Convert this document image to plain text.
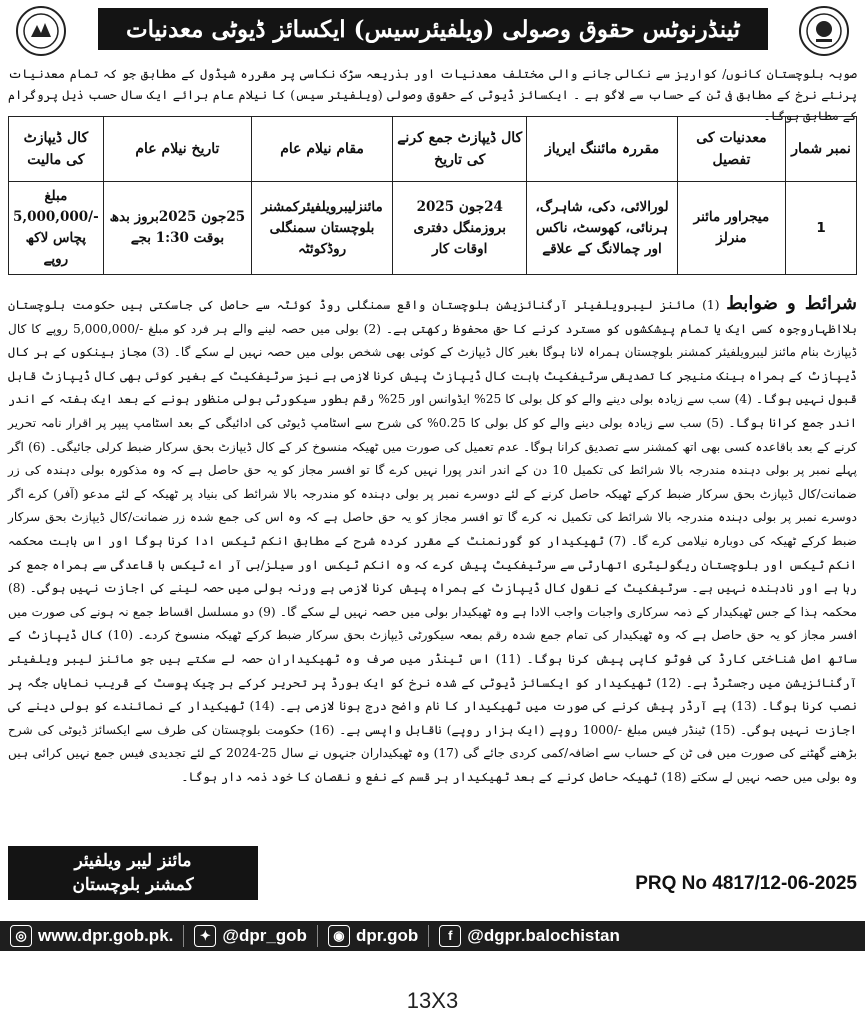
ٹینڈرنوٹس حقوق وصولی (ویلفیئرسیس) ایکسائز ڈیوٹی معدنیات
صوبہ بلوچستان کانوں/ کواریز سے نکالی جانے والی مختلف معدنیات اور بذریعہ سڑک نکاسی پر مقررہ شیڈول کے مطابق جو کہ تمام معدنیات پرنئے نرخ کے مطابق فی ٹن کے حساب سے لاگو ہے ۔ ایکسائز ڈیوٹی کے حقوق وصولی (ویلفیئر سیس) کا نیلام عام برائے ایک سال حسب ذیل پروگرام کے مطابق ہوگا۔
نمبر شمار	معدنیات کی تفصیل	مقررہ مائننگ ایریاز	کال ڈیپازٹ جمع کرنے کی تاریخ	مقام نیلام عام	تاریخ نیلام عام	کال ڈیپازٹ کی مالیت
1	میجراور مائنر منرلز	لورالائی، دکی، شاہرگ، ہرنائی، کھوسٹ، ناکس اور چمالانگ کے علاقے	24جون 2025 بروزمنگل دفتری اوقات کار	مائنزلیبرویلفیئرکمشنر بلوچستان سمنگلی روڈکوئٹہ	25جون 2025بروز بدھ بوقت 1:30 بجے	مبلغ -/5,000,000 پچاس لاکھ روپے
شرائط و ضوابط (1) مائنز لیبرویلفیئر آرگنائزیشن بلوچستان واقع سمنگلی روڈ کوئٹہ سے حاصل کی جاسکتی ہیں حکومت بلوچستان بلااظہاروجوہ کسی ایک یا تمام پیشکشوں کو مسترد کرنے کا حق محفوظ رکھتی ہے۔ (2) بولی میں حصہ لینے والے ہر فرد کو مبلغ -/5,000,000 روپے کا کال ڈیپازٹ بنام مائنز لیبرویلفیئر کمشنر بلوچستان ہمراہ لانا ہوگا بغیر کال ڈیپازٹ کے کوئی بھی شخص بولی میں حصہ نہیں لے سکے گا۔ (3) مجاز بینکوں کے ہر کال ڈیپازٹ کے ہمراہ بینک منیجر کا تصدیقی سرٹیفکیٹ بابت کال ڈیپازٹ پیش کرنا لازمی ہے نیز سرٹیفکیٹ کے بغیر کوئی بھی کال ڈیپازٹ قابل قبول نہیں ہوگا۔ (4) سب سے زیادہ بولی دینے والے کو کل بولی کا 25% ایڈوانس اور 25% رقم بطور سیکورٹی بولی منظور ہونے کے بعد ایک ہفتہ کے اندر اندر جمع کرانا ہوگا۔ (5) سب سے زیادہ بولی دینے والے کو کل بولی کا 0.25% کی شرح سے اسٹامپ ڈیوٹی کی ادائیگی کے بعد اسٹامپ پیپر پر اقرار نامہ تحریر کرنے کے بعد باقاعدہ کسی بھی اتھ کمشنر سے تصدیق کرانا ہوگا۔ عدم تعمیل کی صورت میں ٹھیکہ منسوخ کر کے کال ڈیپازٹ بحق سرکار ضبط کرلی جائیگی۔ (6) اگر پہلے نمبر پر بولی دہندہ مندرجہ بالا شرائط کی تکمیل 10 دن کے اندر اندر پورا نہیں کرے گا تو افسر مجاز کو یہ حق حاصل ہے کہ وہ مذکورہ بولی دہندہ کی زر ضمانت/کال ڈیپازٹ بحق سرکار ضبط کرکے ٹھیکہ حاصل کرنے کے لئے دوسرے نمبر پر بولی دہندہ کو مندرجہ بالا شرائط کی بنیاد پر ٹھیکہ کے لئے مدعو (آفر) کرے اگر دوسرے نمبر پر بولی دہندہ مندرجہ بالا شرائط کی تکمیل نہ کرے گا تو افسر مجاز کو یہ حق حاصل ہے کہ وہ اس کی جمع شدہ زر ضمانت/کال ڈیپازٹ بحق سرکار ضبط کرکے ٹھیکہ کی دوبارہ نیلامی کرے گا۔ (7) ٹھیکیدار کو گورنمنٹ کے مقرر کردہ شرح کے مطابق انکم ٹیکس ادا کرنا ہوگا اور اس بابت محکمہ انکم ٹیکس اور بلوچستان ریگولیٹری اتھارٹی سے سرٹیفکیٹ پیش کرے کہ وہ انکم ٹیکس اور سیلز/بی آر اے ٹیکس با قاعدگی سے ہمراہ جمع کر رہا ہے اور نادہندہ نہیں ہے۔ سرٹیفکیٹ کے نقول کال ڈیپازٹ کے ہمراہ پیش کرنا لازمی ہے ورنہ بولی میں حصہ لینے کی اجازت نہیں ہوگی۔ (8) محکمہ ہذا کے جس ٹھیکیدار کے ذمہ سرکاری واجبات واجب الادا ہے وہ ٹھیکیدار بولی میں حصہ نہیں لے سکے گا۔ (9) دو مسلسل اقساط جمع نہ ہونے کی صورت میں افسر مجاز کو یہ حق حاصل ہے کہ وہ ٹھیکیدار کی تمام جمع شدہ رقم بمعہ سیکورٹی ڈیپازٹ بحق سرکار ضبط کرکے ٹھیکہ منسوخ کردے۔ (10) کال ڈیپازٹ کے ساتھ اصل شناختی کارڈ کی فوٹو کاپی پیش کرنا ہوگا۔ (11) اس ٹینڈر میں صرف وہ ٹھیکیداران حصہ لے سکتے ہیں جو مائنز لیبر ویلفیئر آرگنائزیشن میں رجسٹرڈ ہے۔ (12) ٹھیکیدار کو ایکسائز ڈیوٹی کے شدہ نرخ کو ایک بورڈ پر تحریر کرکے ہر چیک پوسٹ کے قریب نمایاں جگہ پر نصب کرنا ہوگا۔ (13) پے آرڈر پیش کرنے کی صورت میں ٹھیکیدار کا نام واضح درج ہونا لازمی ہے۔ (14) ٹھیکیدار کے نمائندے کو بولی دینے کی اجازت نہیں ہوگی۔ (15) ٹینڈر فیس مبلغ -/1000 روپے (ایک ہزار روپے) ناقابل واپسی ہے۔ (16) حکومت بلوچستان کی طرف سے ایکسائز ڈیوٹی کی شرح بڑھنے گھٹنے کی صورت میں فی ٹن کے حساب سے اضافہ/کمی کردی جائے گی (17) وہ ٹھیکیداران جنہوں نے سال 25-2024 کے لئے تجدیدی فیس جمع نہیں کرائی ہیں وہ بولی میں حصہ نہیں لے سکتے (18) ٹھیکہ حاصل کرنے کے بعد ٹھیکیدار ہر قسم کے نفع و نقصان کا خود ذمہ دار ہوگا۔
مائنز لیبر ویلفیئر
کمشنر بلوچستان	PRQ No 4817/12-06-2025
◎ www.dpr.gob.pk.	✦ @dpr_gob	◉ dpr.gob	f @dgpr.balochistan
13X3
